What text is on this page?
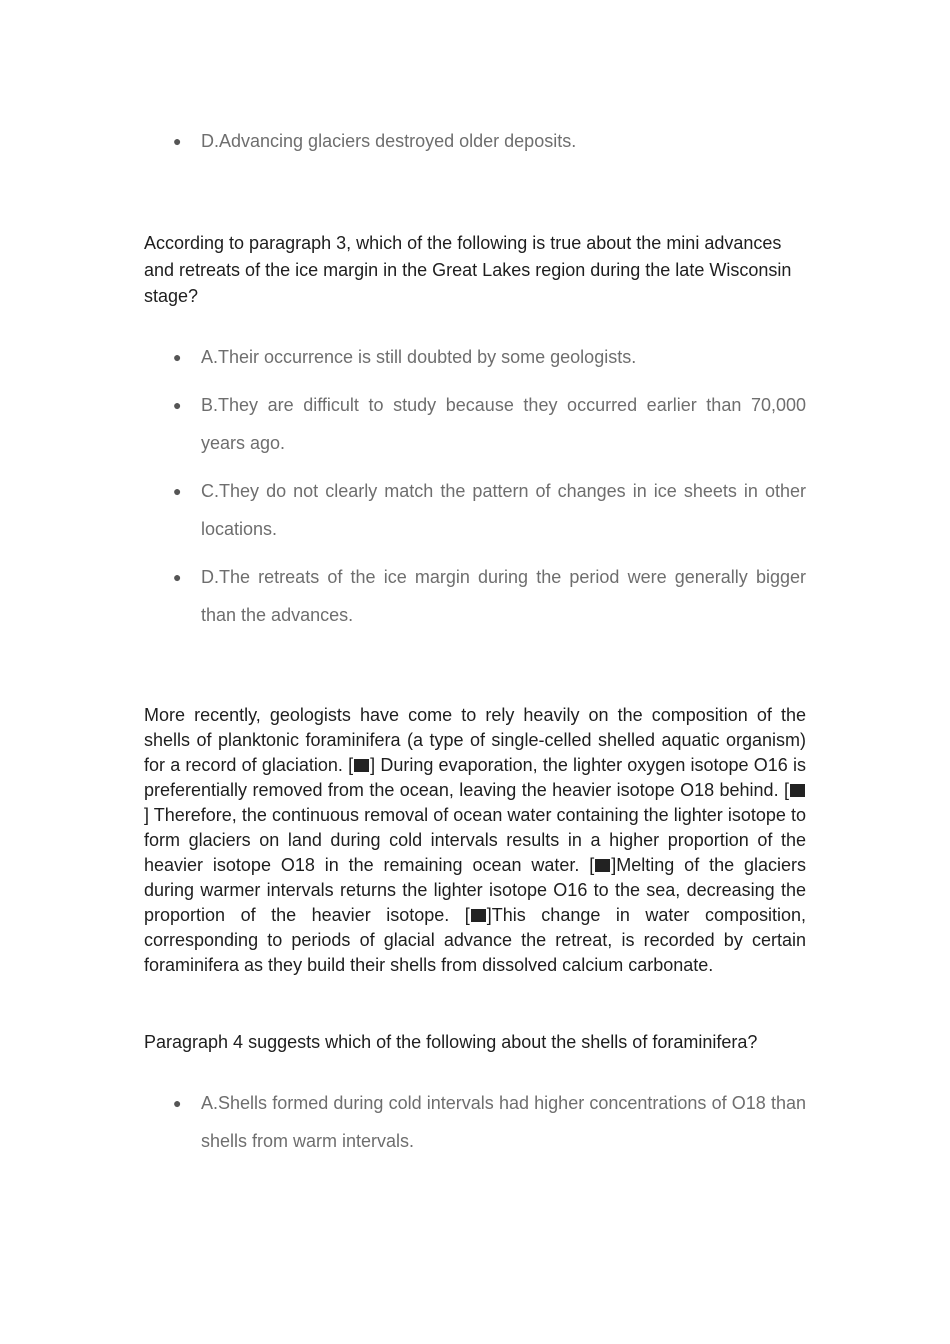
● D.Advancing glaciers destroyed older deposits.

According to paragraph 3, which of the following is true about the mini advances and retreats of the ice margin in the Great Lakes region during the late Wisconsin stage?

● A.Their occurrence is still doubted by some geologists.
● B.They are difficult to study because they occurred earlier than 70,000 years ago.
● C.They do not clearly match the pattern of changes in ice sheets in other locations.
● D.The retreats of the ice margin during the period were generally bigger than the advances.

More recently, geologists have come to rely heavily on the composition of the shells of planktonic foraminifera (a type of single-celled shelled aquatic organism) for a record of glaciation. [ ] During evaporation, the lighter oxygen isotope O16 is preferentially removed from the ocean, leaving the heavier isotope O18 behind. [] Therefore, the continuous removal of ocean water containing the lighter isotope to form glaciers on land during cold intervals results in a higher proportion of the heavier isotope O18 in the remaining ocean water. [ ]Melting of the glaciers during warmer intervals returns the lighter isotope O16 to the sea, decreasing the proportion of the heavier isotope. [ ]This change in water composition, corresponding to periods of glacial advance the retreat, is recorded by certain foraminifera as they build their shells from dissolved calcium carbonate.

Paragraph 4 suggests which of the following about the shells of foraminifera?

● A.Shells formed during cold intervals had higher concentrations of O18 than shells from warm intervals.
